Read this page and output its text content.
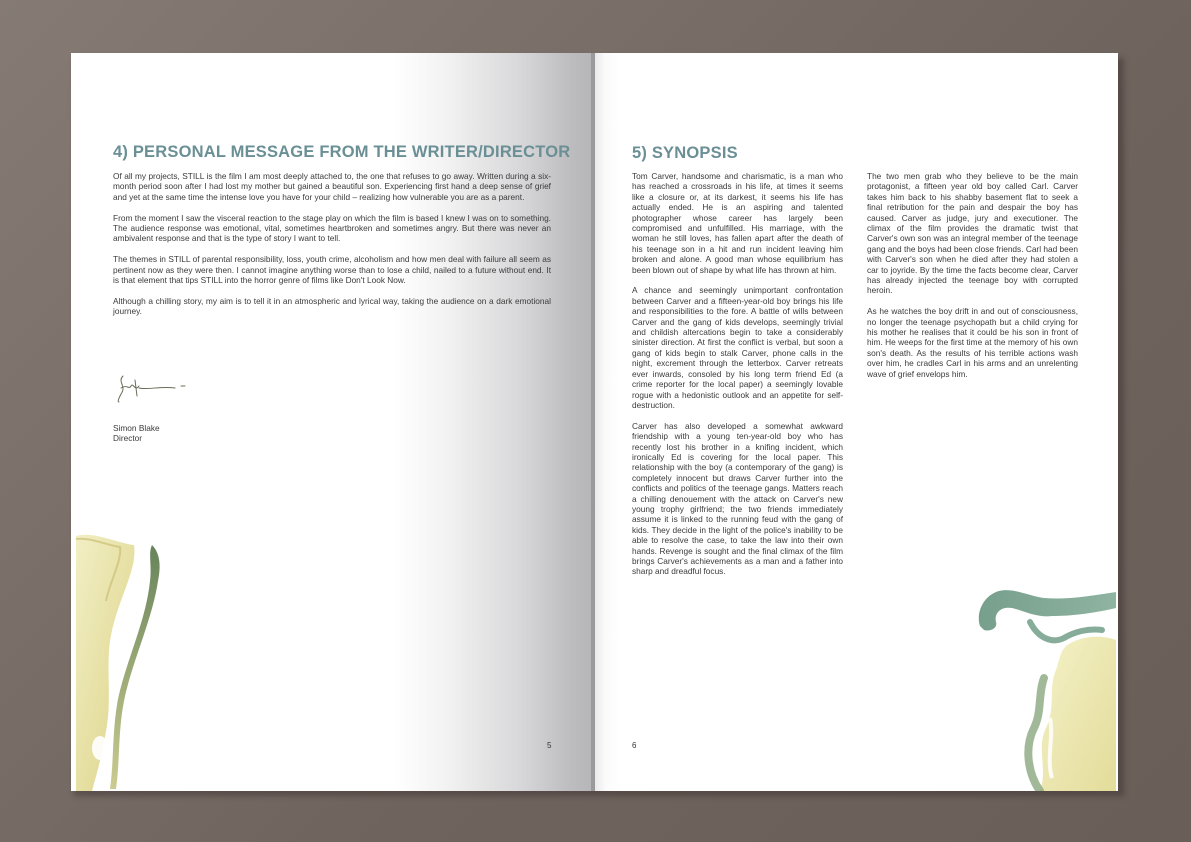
4) PERSONAL MESSAGE FROM THE WRITER/DIRECTOR

Of all my projects, STILL is the film I am most deeply attached to, the one that refuses to go away. Written during a six-month period soon after I had lost my mother but gained a beautiful son. Experiencing first hand a deep sense of grief and yet at the same time the intense love you have for your child – realizing how vulnerable you are as a parent.

From the moment I saw the visceral reaction to the stage play on which the film is based I knew I was on to something. The audience response was emotional, vital, sometimes heartbroken and sometimes angry. But there was never an ambivalent response and that is the type of story I want to tell.

The themes in STILL of parental responsibility, loss, youth crime, alcoholism and how men deal with failure all seem as pertinent now as they were then. I cannot imagine anything worse than to lose a child, nailed to a future without end. It is that element that tips STILL into the horror genre of films like Don't Look Now.

Although a chilling story, my aim is to tell it in an atmospheric and lyrical way, taking the audience on a dark emotional journey.

Simon Blake
Director
5
5) SYNOPSIS

Tom Carver, handsome and charismatic, is a man who has reached a crossroads in his life, at times it seems like a closure or, at its darkest, it seems his life has actually ended. He is an aspiring and talented photographer whose career has largely been compromised and unfulfilled. His marriage, with the woman he still loves, has fallen apart after the death of his teenage son in a hit and run incident leaving him broken and alone. A good man whose equilibrium has been blown out of shape by what life has thrown at him.

A chance and seemingly unimportant confrontation between Carver and a fifteen-year-old boy brings his life and responsibilities to the fore. A battle of wills between Carver and the gang of kids develops, seemingly trivial and childish altercations begin to take a considerably sinister direction. At first the conflict is verbal, but soon a gang of kids begin to stalk Carver, phone calls in the night, excrement through the letterbox. Carver retreats ever inwards, consoled by his long term friend Ed (a crime reporter for the local paper) a seemingly lovable rogue with a hedonistic outlook and an appetite for self-destruction.

Carver has also developed a somewhat awkward friendship with a young ten-year-old boy who has recently lost his brother in a knifing incident, which ironically Ed is covering for the local paper. This relationship with the boy (a contemporary of the gang) is completely innocent but draws Carver further into the conflicts and politics of the teenage gangs. Matters reach a chilling denouement with the attack on Carver's new young trophy girlfriend; the two friends immediately assume it is linked to the running feud with the gang of kids. They decide in the light of the police's inability to be able to resolve the case, to take the law into their own hands. Revenge is sought and the final climax of the film brings Carver's achievements as a man and a father into sharp and dreadful focus.

The two men grab who they believe to be the main protagonist, a fifteen year old boy called Carl. Carver takes him back to his shabby basement flat to seek a final retribution for the pain and despair the boy has caused. Carver as judge, jury and executioner. The climax of the film provides the dramatic twist that Carver's own son was an integral member of the teenage gang and the boys had been close friends. Carl had been with Carver's son when he died after they had stolen a car to joyride. By the time the facts become clear, Carver has already injected the teenage boy with corrupted heroin.

As he watches the boy drift in and out of consciousness, no longer the teenage psychopath but a child crying for his mother he realises that it could be his son in front of him. He weeps for the first time at the memory of his own son's death. As the results of his terrible actions wash over him, he cradles Carl in his arms and an unrelenting wave of grief envelops him.

6
